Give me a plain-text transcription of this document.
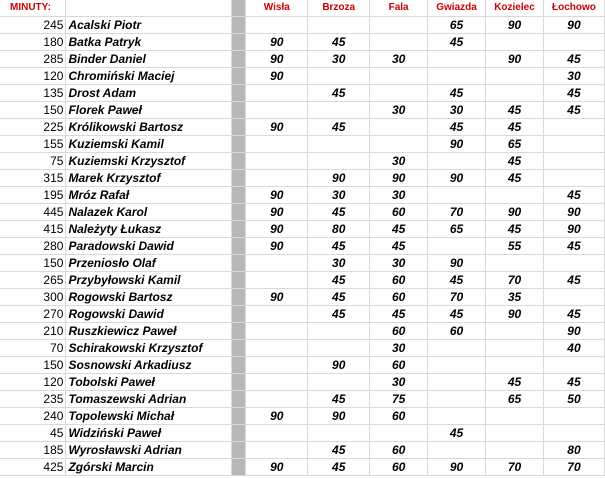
MINUTY:			Wisła	Brzoza	Fala	Gwiazda	Kozielec	Łochowo
245	Acalski Piotr					65	90	90
180	Batka Patryk		90	45		45		
285	Binder Daniel		90	30	30		90	45
120	Chromiński Maciej		90					30
135	Drost Adam			45		45		45
150	Florek Paweł				30	30	45	45
225	Królikowski Bartosz		90	45		45	45	
155	Kuziemski Kamil					90	65	
75	Kuziemski Krzysztof				30		45	
315	Marek Krzysztof			90	90	90	45	
195	Mróz Rafał		90	30	30			45
445	Nalazek Karol		90	45	60	70	90	90
415	Należyty Łukasz		90	80	45	65	45	90
280	Paradowski Dawid		90	45	45		55	45
150	Przeniosło Olaf			30	30	90		
265	Przybyłowski Kamil			45	60	45	70	45
300	Rogowski Bartosz		90	45	60	70	35	
270	Rogowski Dawid			45	45	45	90	45
210	Ruszkiewicz Paweł				60	60		90
70	Schirakowski Krzysztof				30			40
150	Sosnowski Arkadiusz			90	60			
120	Tobolski Paweł				30		45	45
235	Tomaszewski Adrian			45	75		65	50
240	Topolewski Michał		90	90	60			
45	Widziński Paweł					45		
185	Wyrosławski Adrian			45	60			80
425	Zgórski Marcin		90	45	60	90	70	70
